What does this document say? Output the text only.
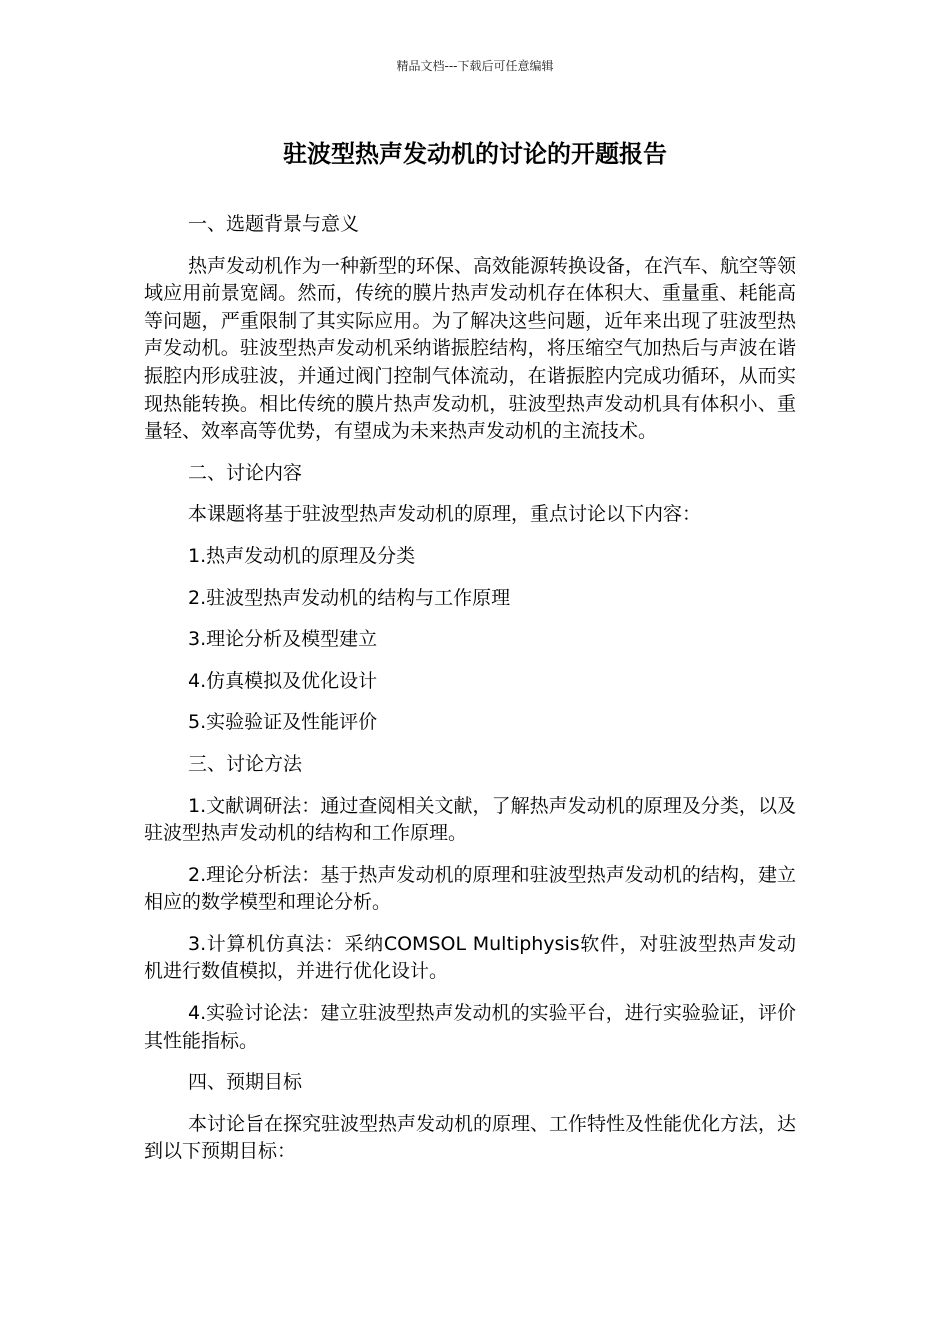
精品文档---下载后可任意编辑
驻波型热声发动机的讨论的开题报告

一、选题背景与意义

热声发动机作为一种新型的环保、高效能源转换设备，在汽车、航空等领域应用前景宽阔。然而，传统的膜片热声发动机存在体积大、重量重、耗能高等问题，严重限制了其实际应用。为了解决这些问题，近年来出现了驻波型热声发动机。驻波型热声发动机采纳谐振腔结构，将压缩空气加热后与声波在谐振腔内形成驻波，并通过阀门控制气体流动，在谐振腔内完成功循环，从而实现热能转换。相比传统的膜片热声发动机，驻波型热声发动机具有体积小、重量轻、效率高等优势，有望成为未来热声发动机的主流技术。

二、讨论内容

本课题将基于驻波型热声发动机的原理，重点讨论以下内容：

1.热声发动机的原理及分类

2.驻波型热声发动机的结构与工作原理

3.理论分析及模型建立

4.仿真模拟及优化设计

5.实验验证及性能评价

三、讨论方法

1.文献调研法：通过查阅相关文献，了解热声发动机的原理及分类，以及驻波型热声发动机的结构和工作原理。

2.理论分析法：基于热声发动机的原理和驻波型热声发动机的结构，建立相应的数学模型和理论分析。

3.计算机仿真法：采纳COMSOL Multiphysis软件，对驻波型热声发动机进行数值模拟，并进行优化设计。

4.实验讨论法：建立驻波型热声发动机的实验平台，进行实验验证，评价其性能指标。

四、预期目标

本讨论旨在探究驻波型热声发动机的原理、工作特性及性能优化方法，达到以下预期目标：
